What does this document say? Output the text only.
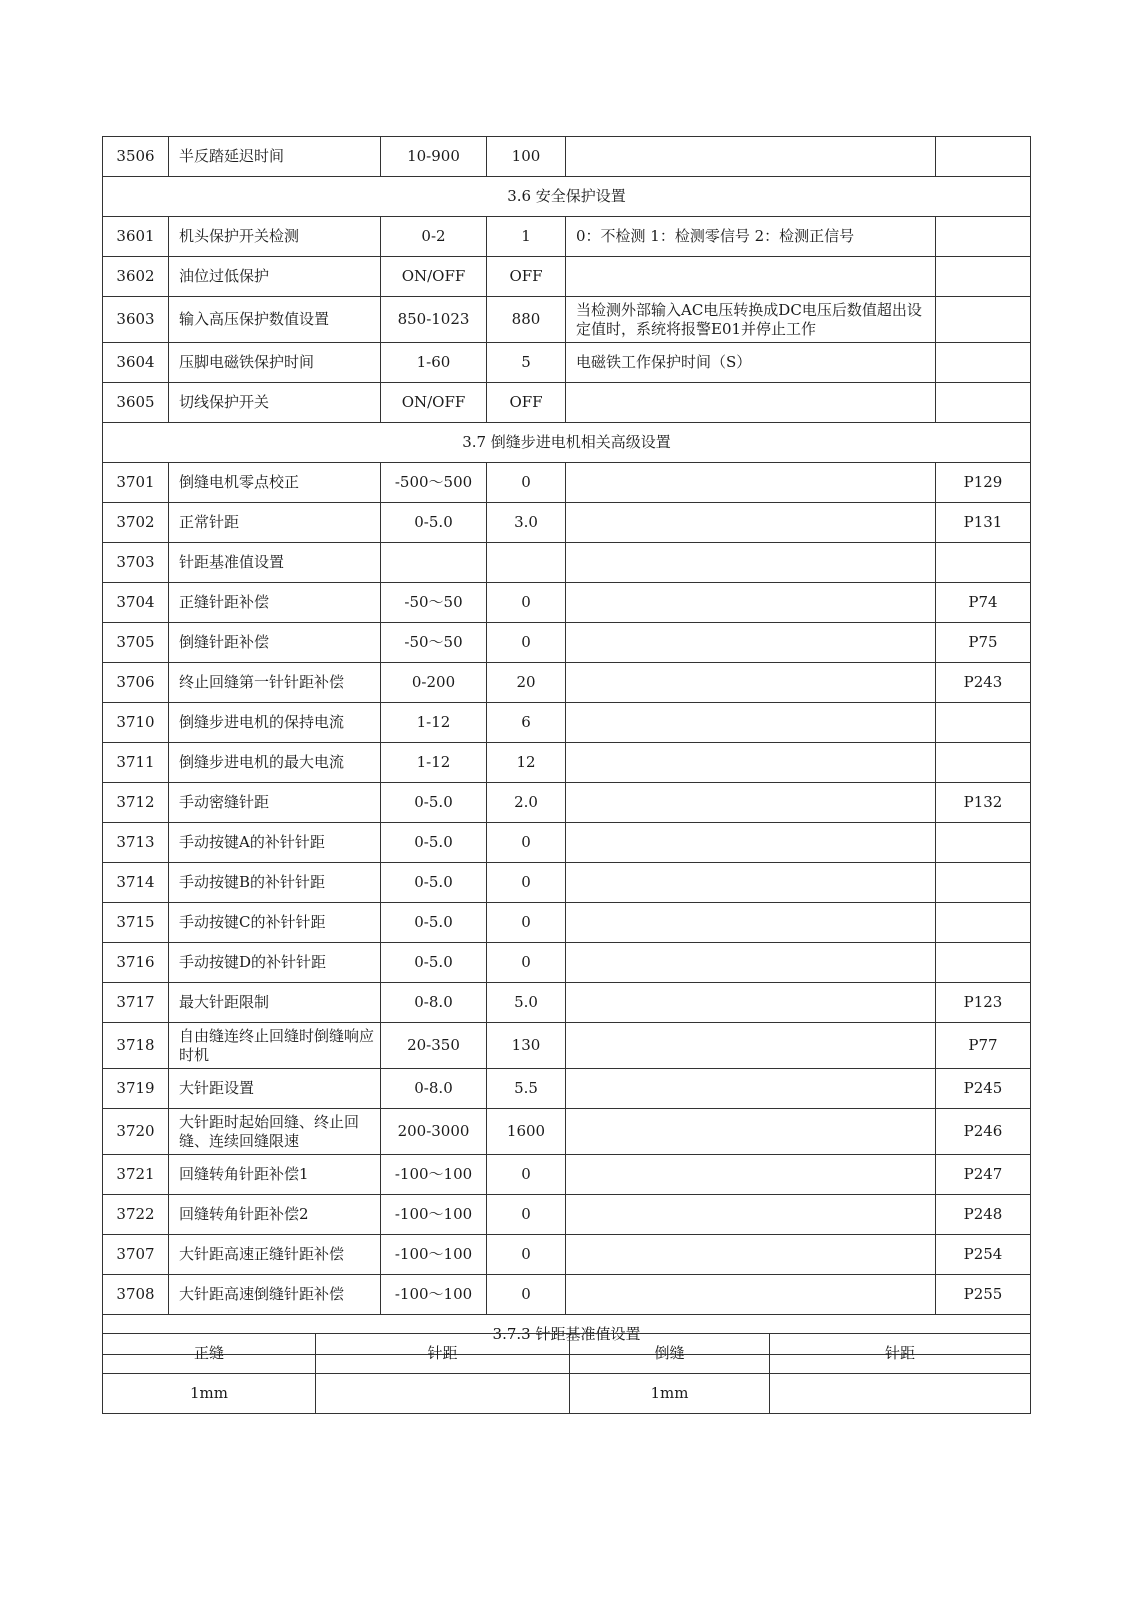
3506	半反踏延迟时间	10-900	100		
3.6 安全保护设置					
3601	机头保护开关检测	0-2	1	0：不检测 1：检测零信号 2：检测正信号	
3602	油位过低保护	ON/OFF	OFF		
3603	输入高压保护数值设置	850-1023	880	当检测外部输入AC电压转换成DC电压后数值超出设定值时，系统将报警E01并停止工作	
3604	压脚电磁铁保护时间	1-60	5	电磁铁工作保护时间（S）	
3605	切线保护开关	ON/OFF	OFF		
3.7 倒缝步进电机相关高级设置					
3701	倒缝电机零点校正	-500～500	0		P129
3702	正常针距	0-5.0	3.0		P131
3703	针距基准值设置				
3704	正缝针距补偿	-50～50	0		P74
3705	倒缝针距补偿	-50～50	0		P75
3706	终止回缝第一针针距补偿	0-200	20		P243
3710	倒缝步进电机的保持电流	1-12	6		
3711	倒缝步进电机的最大电流	1-12	12		
3712	手动密缝针距	0-5.0	2.0		P132
3713	手动按键A的补针针距	0-5.0	0		
3714	手动按键B的补针针距	0-5.0	0		
3715	手动按键C的补针针距	0-5.0	0		
3716	手动按键D的补针针距	0-5.0	0		
3717	最大针距限制	0-8.0	5.0		P123
3718	自由缝连终止回缝时倒缝响应时机	20-350	130		P77
3719	大针距设置	0-8.0	5.5		P245
3720	大针距时起始回缝、终止回缝、连续回缝限速	200-3000	1600		P246
3721	回缝转角针距补偿1	-100～100	0		P247
3722	回缝转角针距补偿2	-100～100	0		P248
3707	大针距高速正缝针距补偿	-100～100	0		P254
3708	大针距高速倒缝针距补偿	-100～100	0		P255
3.7.3 针距基准值设置					
正缝	针距	倒缝	针距
1mm		1mm	
